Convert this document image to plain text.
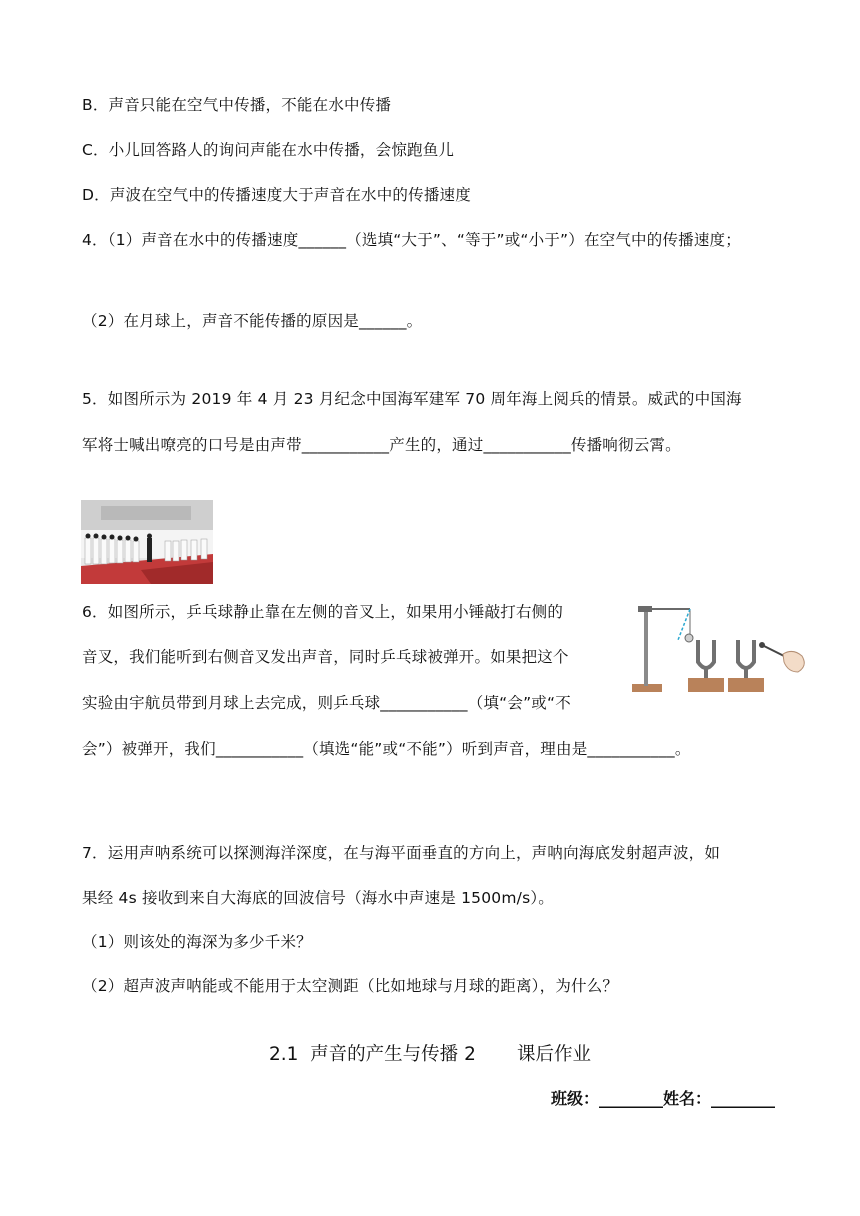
B．声音只能在空气中传播，不能在水中传播
C．小儿回答路人的询问声能在水中传播，会惊跑鱼儿
D．声波在空气中的传播速度大于声音在水中的传播速度
4．（1）声音在水中的传播速度______（选填“大于”、“等于”或“小于”）在空气中的传播速度；
（2）在月球上，声音不能传播的原因是______。
5．如图所示为 2019 年 4 月 23 月纪念中国海军建军 70 周年海上阅兵的情景。威武的中国海
军将士喊出嘹亮的口号是由声带___________产生的，通过___________传播响彻云霄。
6．如图所示，乒乓球静止靠在左侧的音叉上，如果用小锤敲打右侧的
音叉，我们能听到右侧音叉发出声音，同时乒乓球被弹开。如果把这个
实验由宇航员带到月球上去完成，则乒乓球___________（填“会”或“不
会”）被弹开，我们___________（填选“能”或“不能”）听到声音，理由是___________。
7．运用声呐系统可以探测海洋深度，在与海平面垂直的方向上，声呐向海底发射超声波，如
果经 4s 接收到来自大海底的回波信号（海水中声速是 1500m/s）。
（1）则该处的海深为多少千米？
（2）超声波声呐能或不能用于太空测距（比如地球与月球的距离），为什么？
2.1  声音的产生与传播 2       课后作业
班级：________姓名：________
